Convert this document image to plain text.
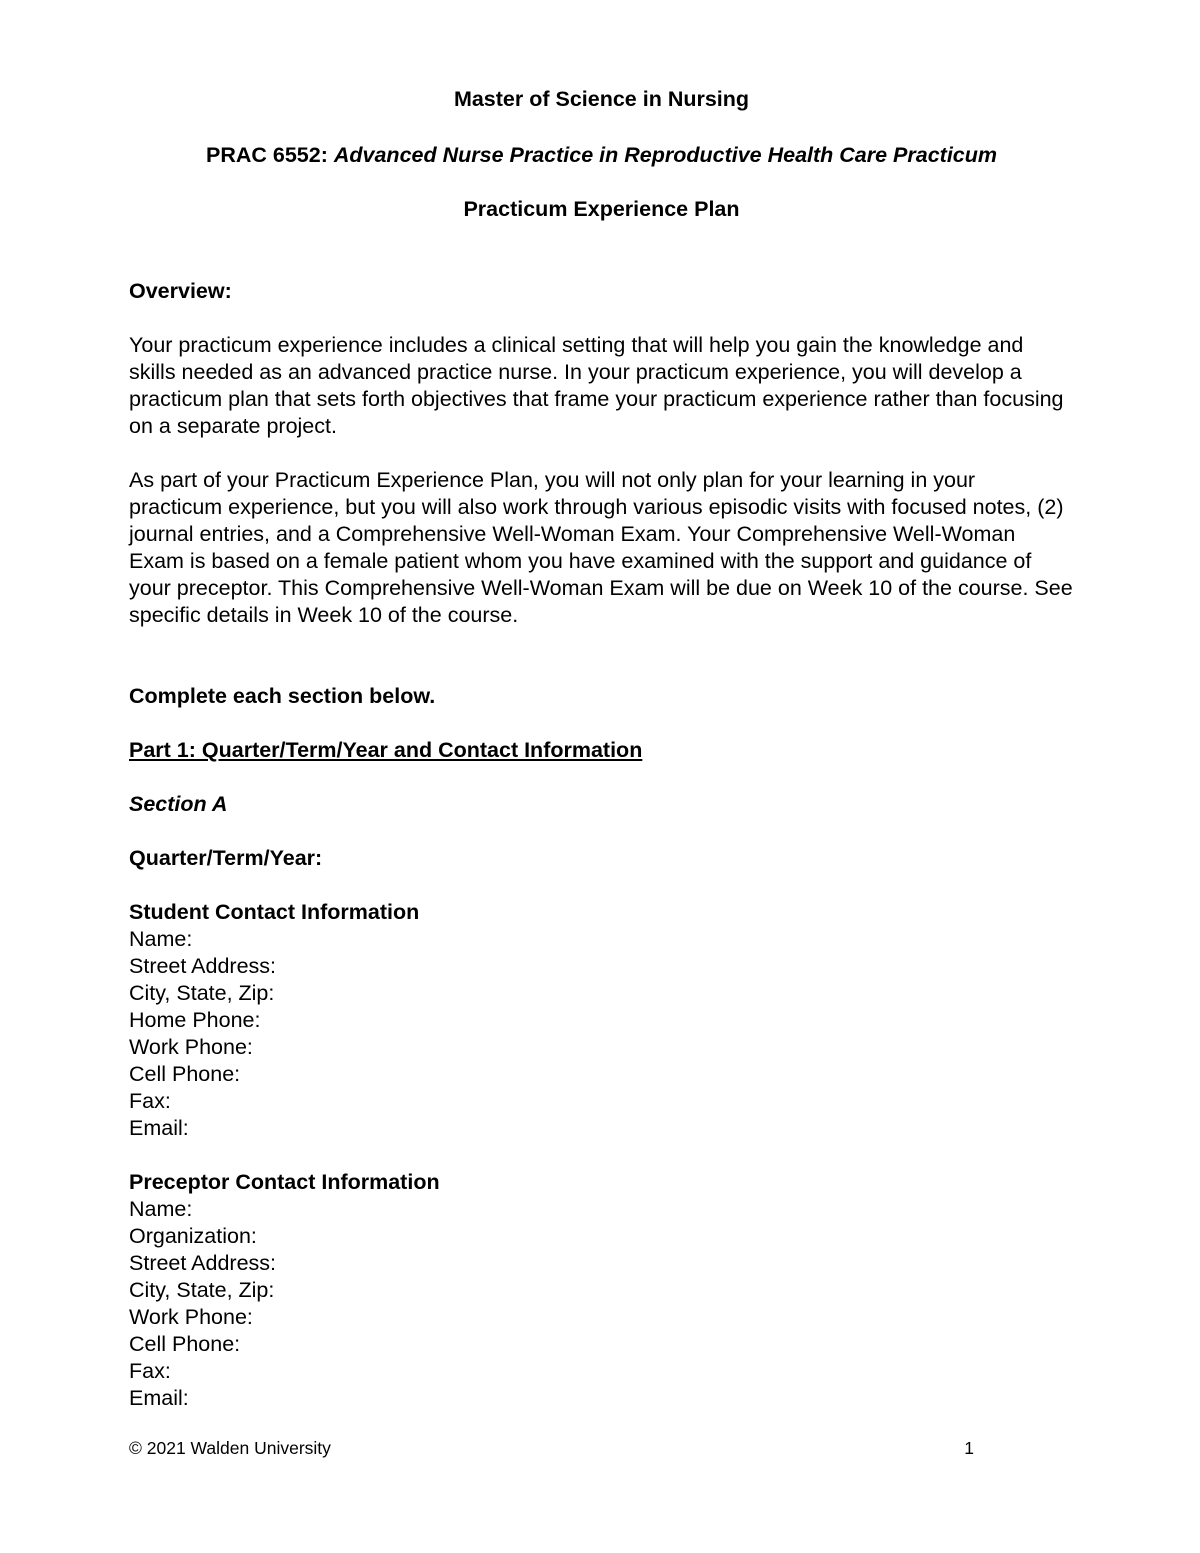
Master of Science in Nursing
PRAC 6552: Advanced Nurse Practice in Reproductive Health Care Practicum
Practicum Experience Plan
Overview:

Your practicum experience includes a clinical setting that will help you gain the knowledge and skills needed as an advanced practice nurse. In your practicum experience, you will develop a practicum plan that sets forth objectives that frame your practicum experience rather than focusing on a separate project.

As part of your Practicum Experience Plan, you will not only plan for your learning in your practicum experience, but you will also work through various episodic visits with focused notes, (2) journal entries, and a Comprehensive Well-Woman Exam. Your Comprehensive Well-Woman Exam is based on a female patient whom you have examined with the support and guidance of your preceptor. This Comprehensive Well-Woman Exam will be due on Week 10 of the course. See specific details in Week 10 of the course.

Complete each section below.
Part 1: Quarter/Term/Year and Contact Information
Section A
Quarter/Term/Year:
Student Contact Information
Name:
Street Address:
City, State, Zip:
Home Phone:
Work Phone:
Cell Phone:
Fax:
Email:
Preceptor Contact Information
Name:
Organization:
Street Address:
City, State, Zip:
Work Phone:
Cell Phone:
Fax:
Email:
© 2021 Walden University	1
